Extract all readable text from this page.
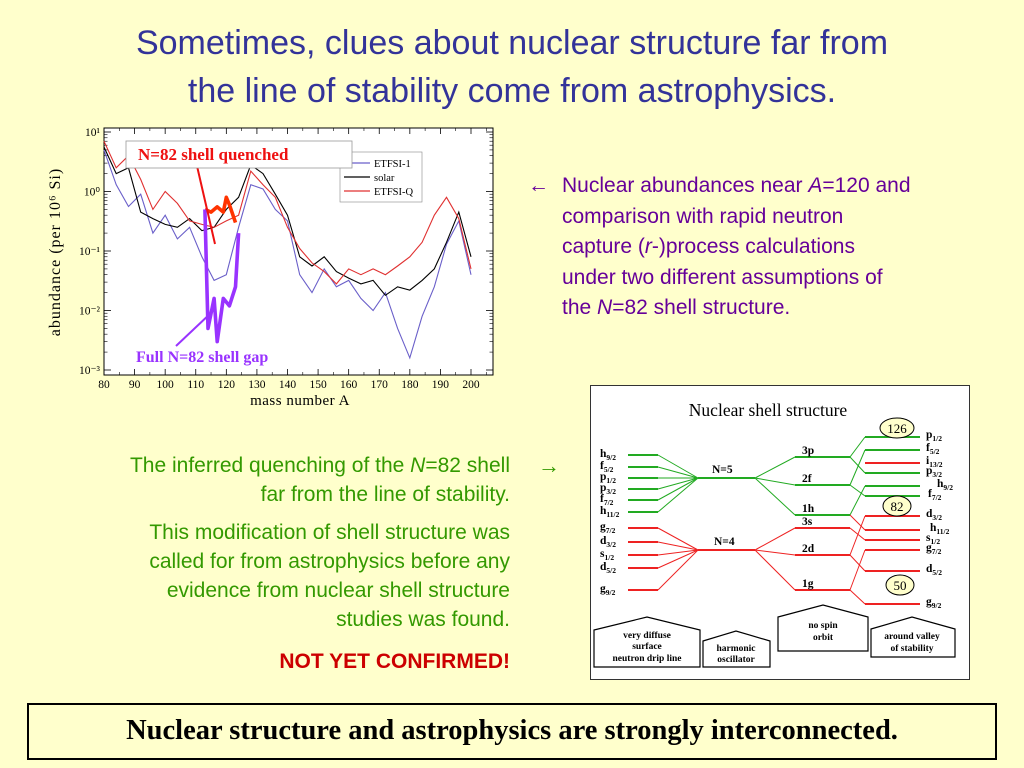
Sometimes, clues about nuclear structure far from
the line of stability come from astrophysics.
80 90 100 110 120 130 140 150 160 170 180 190 200
10¹
10⁰
10⁻¹
10⁻²
10⁻³
ETFSI-1
solar
ETFSI-Q
N=82 shell quenched
Full N=82 shell gap
abundance (per 10⁶ Si)
mass number A
← Nuclear abundances near A=120 and
comparison with rapid neutron
capture (r-)process calculations
under two different assumptions of
the N=82 shell structure.
The inferred quenching of the N=82 shell
far from the line of stability.
This modification of shell structure was
called for from astrophysics before any
evidence from nuclear shell structure
studies was found.
NOT YET CONFIRMED!
→
Nuclear shell structure
$h_{9/2}$
$f_{5/2}$
$p_{1/2}$
$p_{3/2}$
$f_{7/2}$
$h_{11/2}$
$g_{7/2}$
$d_{3/2}$
$s_{1/2}$
$d_{5/2}$
$g_{9/2}$
N=5
N=4
3p
2f
1h
3s
2d
1g
$p_{1/2}$
$f_{5/2}$
$i_{13/2}$
$p_{3/2}$
$h_{9/2}$
$f_{7/2}$
$d_{3/2}$
$h_{11/2}$
$s_{1/2}$
$g_{7/2}$
$d_{5/2}$
$g_{9/2}$
126
82
50
very diffuse
surface
neutron drip line
harmonic
oscillator
no spin
orbit	around valley
of stability
Nuclear structure and astrophysics are strongly interconnected.
